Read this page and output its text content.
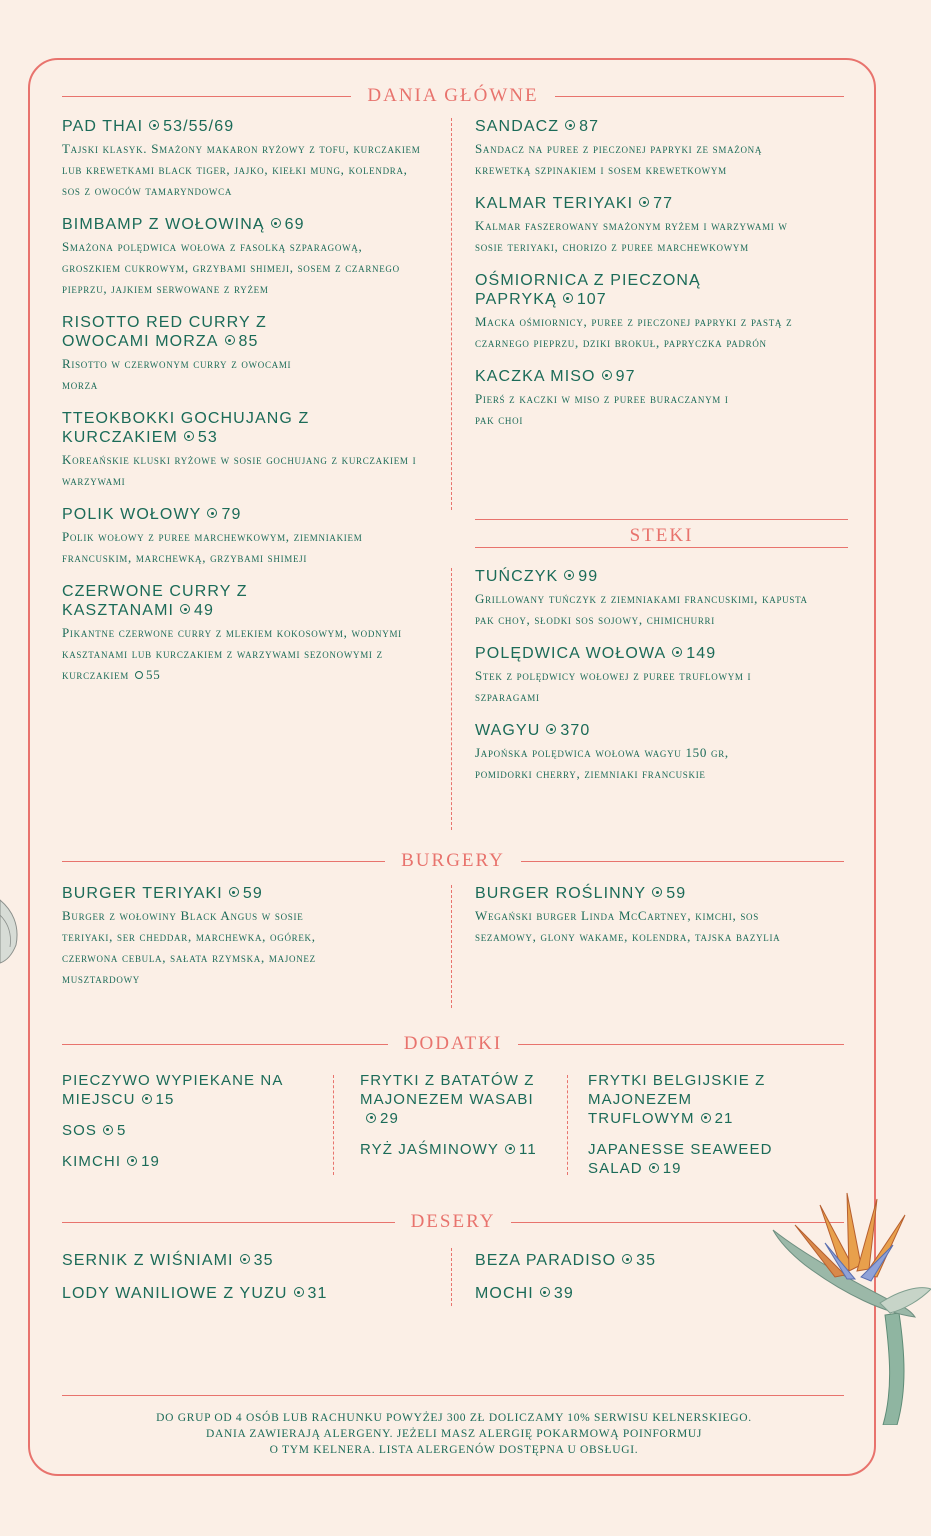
DANIA GŁÓWNE
PAD THAI 53/55/69

Tajski klasyk. Smażony makaron ryżowy z tofu, kurczakiem lub krewetkami black tiger, jajko, kiełki mung, kolendra, sos z owoców tamaryndowca

BIMBAMP Z WOŁOWINĄ 69

Smażona polędwica wołowa z fasolką szparagową, groszkiem cukrowym, grzybami shimeji, sosem z czarnego pieprzu, jajkiem serwowane z ryżem

RISOTTO RED CURRY Z OWOCAMI MORZA 85

Risotto w czerwonym curry z owocami morza

TTEOKBOKKI GOCHUJANG Z KURCZAKIEM 53

Koreańskie kluski ryżowe w sosie gochujang z kurczakiem i warzywami

POLIK WOŁOWY 79

Polik wołowy z puree marchewkowym, ziemniakiem francuskim, marchewką, grzybami shimeji

CZERWONE CURRY Z KASZTANAMI 49

Pikantne czerwone curry z mlekiem kokosowym, wodnymi kasztanami lub kurczakiem z warzywami sezonowymi z kurczakiem 55

SANDACZ 87

Sandacz na puree z pieczonej papryki ze smażoną krewetką szpinakiem i sosem krewetkowym

KALMAR TERIYAKI 77

Kalmar faszerowany smażonym ryżem i warzywami w sosie teriyaki, chorizo z puree marchewkowym

OŚMIORNICA Z PIECZONĄ PAPRYKĄ 107

Macka ośmiornicy, puree z pieczonej papryki z pastą z czarnego pieprzu, dziki brokuł, papryczka padrón

KACZKA MISO 97

Pierś z kaczki w miso z puree buraczanym i pak choi

STEKI
TUŃCZYK 99

Grillowany tuńczyk z ziemniakami francuskimi, kapusta pak choy, słodki sos sojowy, chimichurri

POLĘDWICA WOŁOWA 149

Stek z polędwicy wołowej z puree truflowym i szparagami

WAGYU 370

Japońska polędwica wołowa wagyu 150 gr, pomidorki cherry, ziemniaki francuskie

BURGERY
BURGER TERIYAKI 59

Burger z wołowiny Black Angus w sosie teriyaki, ser cheddar, marchewka, ogórek, czerwona cebula, sałata rzymska, majonez musztardowy

BURGER ROŚLINNY 59

Wegański burger Linda McCartney, kimchi, sos sezamowy, glony wakame, kolendra, tajska bazylia

DODATKI
PIECZYWO WYPIEKANE NA MIEJSCU 15
SOS 5
KIMCHI 19
FRYTKI Z BATATÓW Z MAJONEZEM WASABI29
RYŻ JAŚMINOWY 11
FRYTKI BELGIJSKIE Z MAJONEZEM TRUFLOWYM 21
JAPANESSE SEAWEED SALAD 19
DESERY
SERNIK Z WIŚNIAMI 35
LODY WANILIOWE Z YUZU 31
BEZA PARADISO 35
MOCHI 39
DO GRUP OD 4 OSÓB LUB RACHUNKU POWYŻEJ 300 ZŁ DOLICZAMY 10% SERWISU KELNERSKIEGO.
DANIA ZAWIERAJĄ ALERGENY. JEŻELI MASZ ALERGIĘ POKARMOWĄ POINFORMUJ
O TYM KELNERA. LISTA ALERGENÓW DOSTĘPNA U OBSŁUGI.
